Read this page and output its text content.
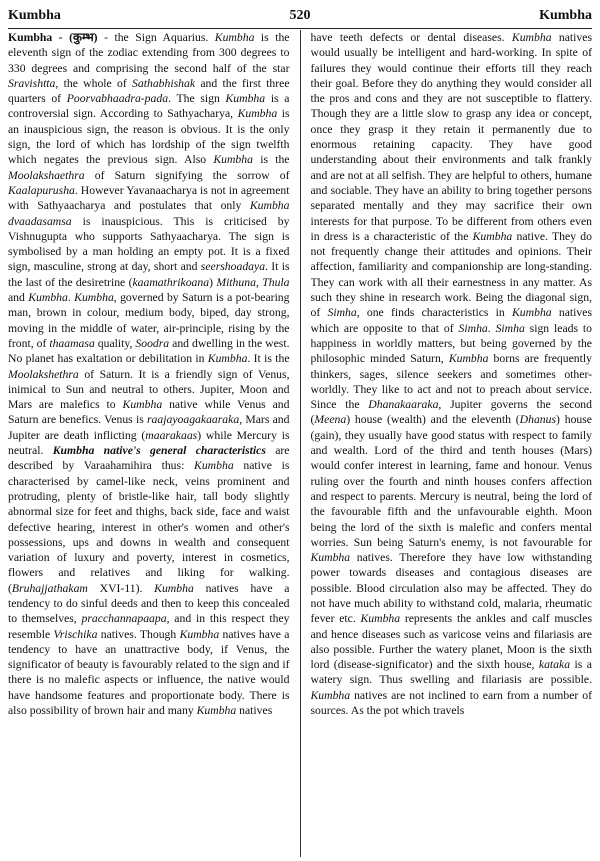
Kumbha	520	Kumbha

Kumbha - (कुम्भ) - the Sign Aquarius. Kumbha is the eleventh sign of the zodiac extending from 300 degrees to 330 degrees and comprising the second half of the star Sravishtta, the whole of Sathabhishak and the first three quarters of Poorvabhaadra-pada. The sign Kumbha is a controversial sign. According to Sathyacharya, Kumbha is an inauspicious sign, the reason is obvious. It is the only sign, the lord of which has lordship of the sign twelfth which negates the previous sign. Also Kumbha is the Moolakshaethra of Saturn signifying the sorrow of Kaalapurusha. However Yavanaacharya is not in agreement with Sathyaacharya and postulates that only Kumbha dvaadasamsa is inauspicious. This is criticised by Vishnugupta who supports Sathyaacharya. The sign is symbolised by a man holding an empty pot. It is a fixed sign, masculine, strong at day, short and seershoadaya. It is the last of the desiretrine (kaamathrikoana) Mithuna, Thula and Kumbha. Kumbha, governed by Saturn is a pot-bearing man, brown in colour, medium body, biped, day strong, moving in the middle of water, air-principle, rising by the front, of thaamasa quality, Soodra and dwelling in the west. No planet has exaltation or debilitation in Kumbha. It is the Moolakshethra of Saturn. It is a friendly sign of Venus, inimical to Sun and neutral to others. Jupiter, Moon and Mars are malefics to Kumbha native while Venus and Saturn are benefics. Venus is raajayoagakaaraka, Mars and Jupiter are death inflicting (maarakaas) while Mercury is neutral. Kumbha native's general characteristics are described by Varaahamihira thus: Kumbha native is characterised by camel-like neck, veins prominent and protruding, plenty of bristle-like hair, tall body slightly abnormal size for feet and thighs, back side, face and waist defective hearing, interest in other's women and other's possessions, ups and downs in wealth and consequent variation of luxury and poverty, interest in cosmetics, flowers and relatives and liking for walking. (Bruhajjathakam XVI-11). Kumbha natives have a tendency to do sinful deeds and then to keep this concealed to themselves, pracchannapaapa, and in this respect they resemble Vrischika natives. Though Kumbha natives have a tendency to have an unattractive body, if Venus, the significator of beauty is favourably related to the sign and if there is no malefic aspects or influence, the native would have handsome features and proportionate body. There is also possibility of brown hair and many Kumbha natives

have teeth defects or dental diseases. Kumbha natives would usually be intelligent and hard-working. In spite of failures they would continue their efforts till they reach their goal. Before they do anything they would consider all the pros and cons and they are not susceptible to flattery. Though they are a little slow to grasp any idea or concept, once they grasp it they retain it permanently due to enormous retaining capacity. They have good understanding about their environments and talk frankly and are not at all selfish. They are helpful to others, humane and sociable. They have an ability to bring together persons separated mentally and they may sacrifice their own interests for that purpose. To be different from others even in dress is a characteristic of the Kumbha native. They do not frequently change their attitudes and opinions. Their affection, familiarity and companionship are long-standing. They can work with all their earnestness in any matter. As such they shine in research work. Being the diagonal sign, of Simha, one finds characteristics in Kumbha natives which are opposite to that of Simha. Simha sign leads to happiness in worldly matters, but being governed by the philosophic minded Saturn, Kumbha borns are frequently thinkers, sages, silence seekers and sometimes other-worldly. They like to act and not to preach about service. Since the Dhanakaaraka, Jupiter governs the second (Meena) house (wealth) and the eleventh (Dhanus) house (gain), they usually have good status with respect to family and wealth. Lord of the third and tenth houses (Mars) would confer interest in learning, fame and honour. Venus ruling over the fourth and ninth houses confers affection and respect to parents. Mercury is neutral, being the lord of the favourable fifth and the unfavourable eighth. Moon being the lord of the sixth is malefic and confers mental worries. Sun being Saturn's enemy, is not favourable for Kumbha natives. Therefore they have low withstanding power towards diseases and contagious diseases are possible. Blood circulation also may be affected. They do not have much ability to withstand cold, malaria, rheumatic fever etc. Kumbha represents the ankles and calf muscles and hence diseases such as varicose veins and filariasis are also possible. Further the watery planet, Moon is the sixth lord (disease-significator) and the sixth house, kataka is a watery sign. Thus swelling and filariasis are possible. Kumbha natives are not inclined to earn from a number of sources. As the pot which travels
